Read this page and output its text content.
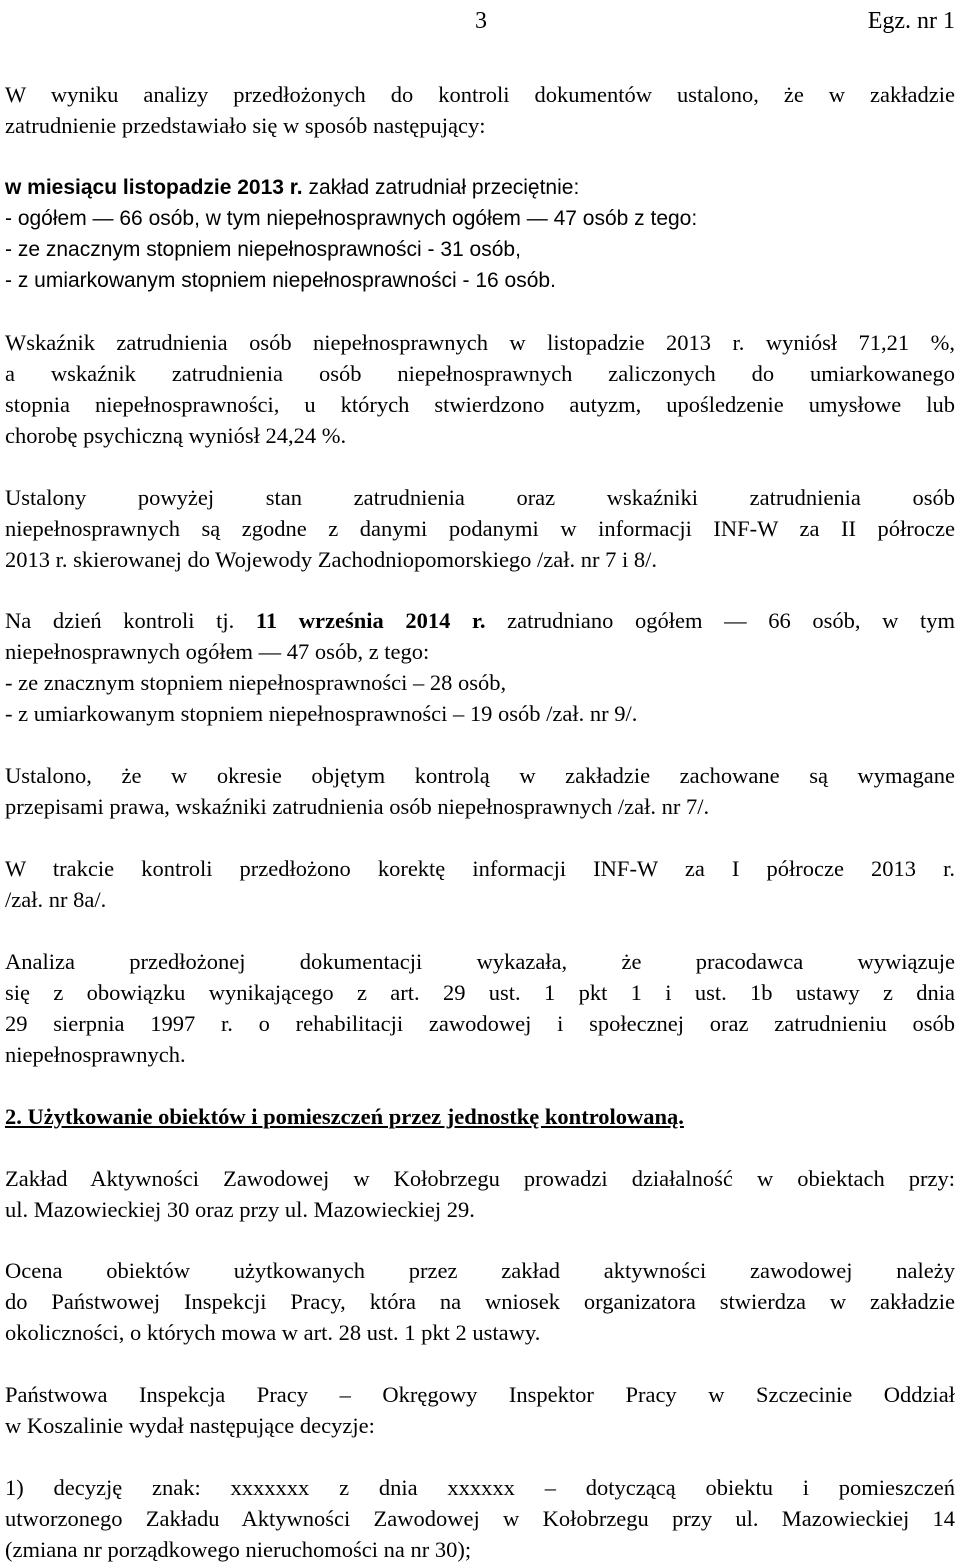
3	Egz. nr 1
W wyniku analizy przedłożonych do kontroli dokumentów ustalono, że w zakładzie
zatrudnienie przedstawiało się w sposób następujący:
w miesiącu listopadzie 2013 r. zakład zatrudniał przeciętnie:
- ogółem — 66 osób, w tym niepełnosprawnych ogółem — 47 osób z tego:
- ze znacznym stopniem niepełnosprawności - 31 osób,
- z umiarkowanym stopniem niepełnosprawności - 16 osób.
Wskaźnik zatrudnienia osób niepełnosprawnych w listopadzie 2013 r. wyniósł 71,21 %,
a wskaźnik zatrudnienia osób niepełnosprawnych zaliczonych do umiarkowanego
stopnia niepełnosprawności, u których stwierdzono autyzm, upośledzenie umysłowe lub
chorobę psychiczną wyniósł 24,24 %.
Ustalony powyżej stan zatrudnienia oraz wskaźniki zatrudnienia osób
niepełnosprawnych są zgodne z danymi podanymi w informacji INF-W za II półrocze
2013 r. skierowanej do Wojewody Zachodniopomorskiego /zał. nr 7 i 8/.
Na dzień kontroli tj. 11 września 2014 r. zatrudniano ogółem — 66 osób, w tym
niepełnosprawnych ogółem — 47 osób, z tego:
- ze znacznym stopniem niepełnosprawności – 28 osób,
- z umiarkowanym stopniem niepełnosprawności – 19 osób /zał. nr 9/.
Ustalono, że w okresie objętym kontrolą w zakładzie zachowane są wymagane
przepisami prawa, wskaźniki zatrudnienia osób niepełnosprawnych /zał. nr 7/.
W trakcie kontroli przedłożono korektę informacji INF-W za I półrocze 2013 r.
/zał. nr 8a/.
Analiza przedłożonej dokumentacji wykazała, że pracodawca wywiązuje
się z obowiązku wynikającego z art. 29 ust. 1 pkt 1 i ust. 1b ustawy z dnia
29 sierpnia 1997 r. o rehabilitacji zawodowej i społecznej oraz zatrudnieniu osób
niepełnosprawnych.
2. Użytkowanie obiektów i pomieszczeń przez jednostkę kontrolowaną.
Zakład Aktywności Zawodowej w Kołobrzegu prowadzi działalność w obiektach przy:
ul. Mazowieckiej 30 oraz przy ul. Mazowieckiej 29.
Ocena obiektów użytkowanych przez zakład aktywności zawodowej należy
do Państwowej Inspekcji Pracy, która na wniosek organizatora stwierdza w zakładzie
okoliczności, o których mowa w art. 28 ust. 1 pkt 2 ustawy.
Państwowa Inspekcja Pracy – Okręgowy Inspektor Pracy w Szczecinie Oddział
w Koszalinie wydał następujące decyzje:
1) decyzję znak: xxxxxxx z dnia xxxxxx – dotyczącą obiektu i pomieszczeń
utworzonego Zakładu Aktywności Zawodowej w Kołobrzegu przy ul. Mazowieckiej 14
(zmiana nr porządkowego nieruchomości na nr 30);
